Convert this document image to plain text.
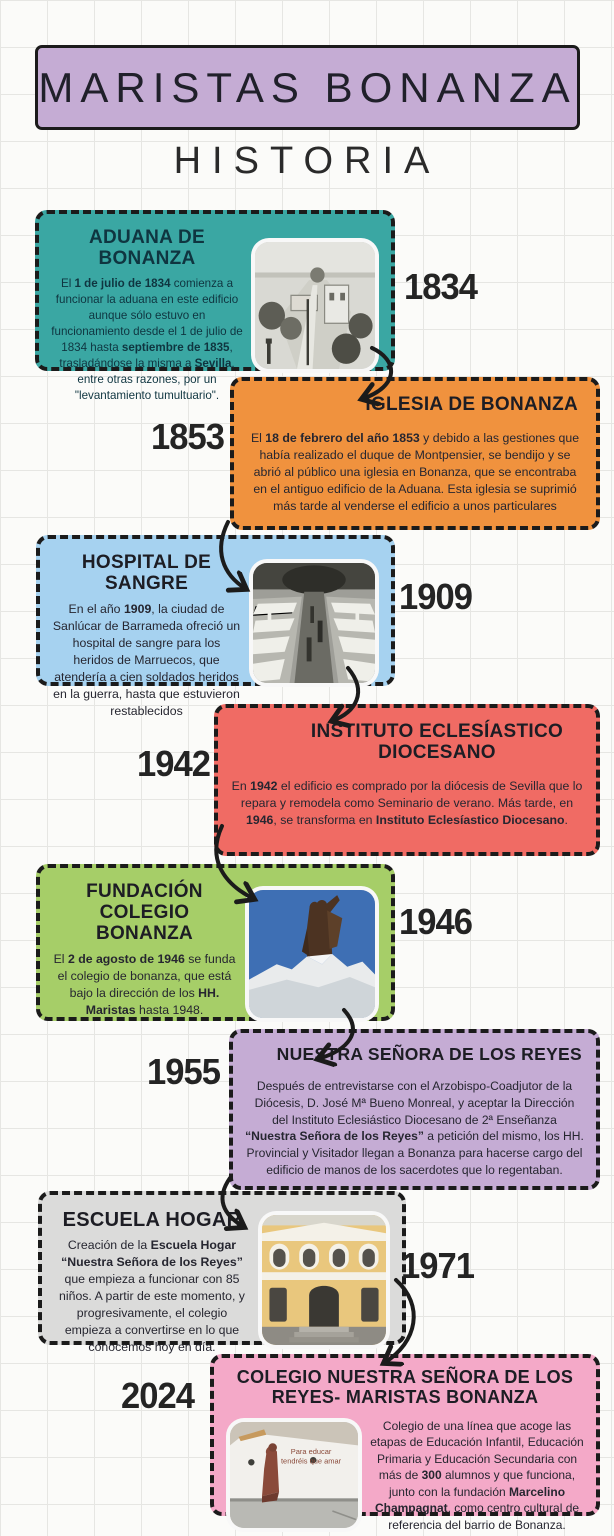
MARISTAS BONANZA
HISTORIA
ADUANA DE BONANZA

El 1 de julio de 1834 comienza a funcionar la aduana en este edificio aunque sólo estuvo en funcionamiento desde el 1 de julio de 1834 hasta septiembre de 1835, trasladándose la misma a Sevilla, entre otras razones, por un "levantamiento tumultuario".

1834
IGLESIA DE BONANZA

El 18 de febrero del año 1853 y debido a las gestiones que había realizado el duque de Montpensier, se bendijo y se abrió al público una iglesia en Bonanza, que se encontraba en el antiguo edificio de la Aduana. Esta iglesia se suprimió más tarde al venderse el edificio a unos particulares

1853
HOSPITAL DE SANGRE

En el año 1909, la ciudad de Sanlúcar de Barrameda ofreció un hospital de sangre para los heridos de Marruecos, que atendería a cien soldados heridos en la guerra, hasta que estuvieron restablecidos

1909
INSTITUTO ECLESÍASTICO DIOCESANO

En 1942 el edificio es comprado por la diócesis de Sevilla que lo repara y remodela como Seminario de verano. Más tarde, en 1946, se transforma en Instituto Eclesíastico Diocesano.

1942
FUNDACIÓN COLEGIO BONANZA

El 2 de agosto de 1946 se funda el colegio de bonanza, que está bajo la dirección de los HH. Maristas hasta 1948.

1946
NUESTRA SEÑORA DE LOS REYES

Después de entrevistarse con el Arzobispo-Coadjutor de la Diócesis, D. José Mª Bueno Monreal, y aceptar la Dirección del Instituto Eclesiástico Diocesano de 2ª Enseñanza “Nuestra Señora de los Reyes” a petición del mismo, los HH. Provincial y Visitador llegan a Bonanza para hacerse cargo del edificio de manos de los sacerdotes que lo regentaban.

1955
ESCUELA HOGAR

Creación de la Escuela Hogar “Nuestra Señora de los Reyes” que empieza a funcionar con 85 niños. A partir de este momento, y progresivamente, el colegio empieza a convertirse en lo que conocemos hoy en día.

1971
COLEGIO NUESTRA SEÑORA DE LOS REYES- MARISTAS BONANZA
Para educar
tendréis que amar

Colegio de una línea que acoge las etapas de Educación Infantil, Educación Primaria y Educación Secundaria con más de 300 alumnos y que funciona, junto con la fundación Marcelino Champagnat, como centro cultural de referencia del barrio de Bonanza.

2024
